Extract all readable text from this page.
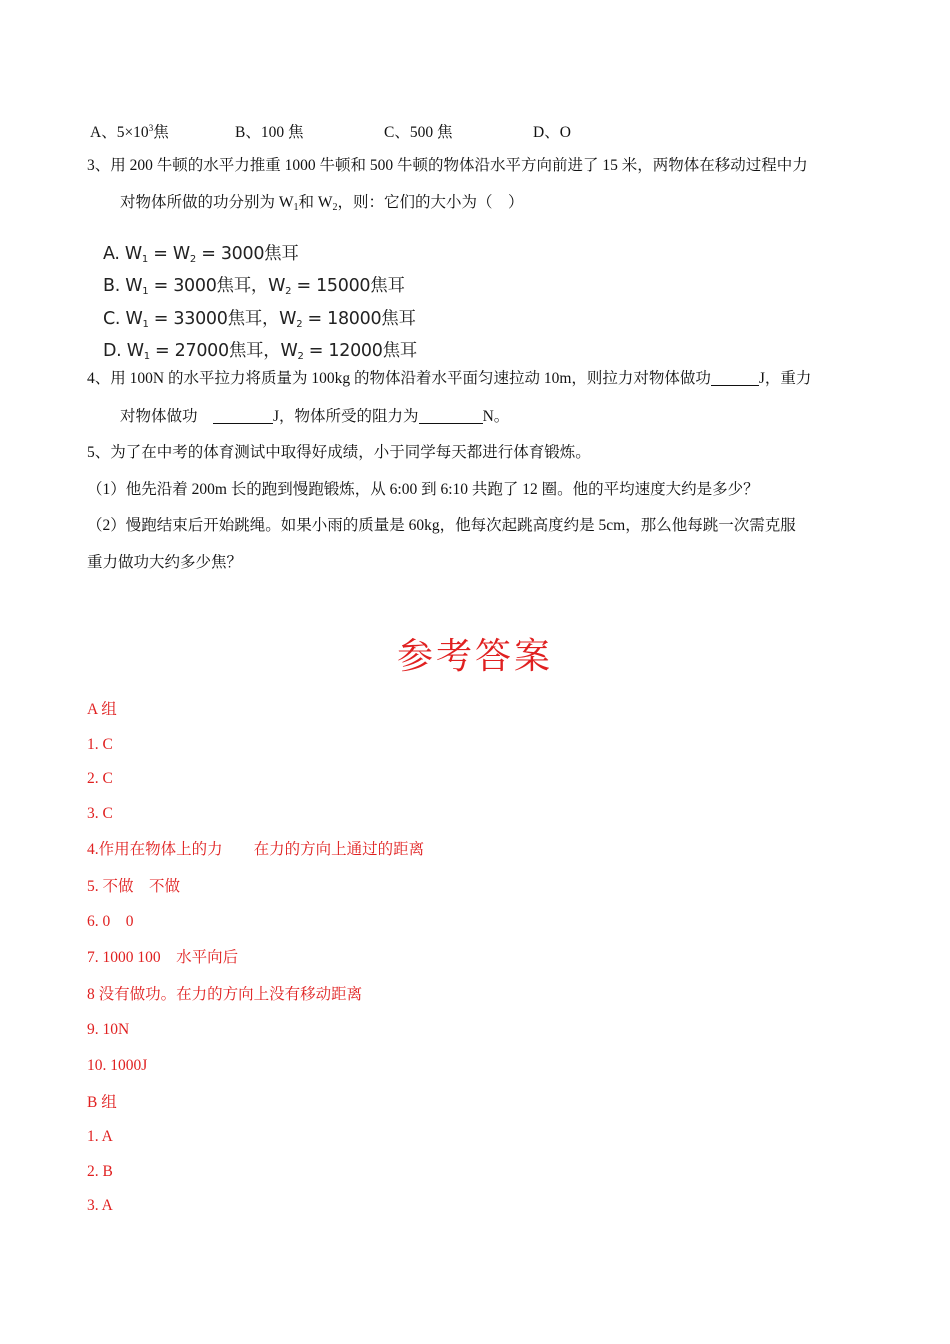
A、$5\times 10^3$焦	B、100 焦	C、500 焦	D、O
3、用 200 牛顿的水平力推重 1000 牛顿和 500 牛顿的物体沿水平方向前进了 15 米，两物体在移动过程中力
对物体所做的功分别为 $W_1$和 $W_2$，则：它们的大小为（　）
A. $W_1 = W_2 = 3000$焦耳
B. $W_1 = 3000$焦耳，$W_2 = 15000$焦耳
C. $W_1 = 33000$焦耳，$W_2 = 18000$焦耳
D. $W_1 = 27000$焦耳，$W_2 = 12000$焦耳
4、用 100N 的水平拉力将质量为 100kg 的物体沿着水平面匀速拉动 10m，则拉力对物体做功	J，重力
对物体做功　	J，物体所受的阻力为	N。
5、为了在中考的体育测试中取得好成绩，小于同学每天都进行体育锻炼。
（1）他先沿着 200m 长的跑到慢跑锻炼，从 6:00 到 6:10 共跑了 12 圈。他的平均速度大约是多少？
（2）慢跑结束后开始跳绳。如果小雨的质量是 60kg，他每次起跳高度约是 5cm，那么他每跳一次需克服
重力做功大约多少焦？
参考答案
A 组
1. C
2. C
3. C
4.作用在物体上的力　　在力的方向上通过的距离
5. 不做　不做
6. 0　0
7. 1000 100　水平向后
8 没有做功。在力的方向上没有移动距离
9. 10N
10. 1000J
B 组
1. A
2. B
3. A
